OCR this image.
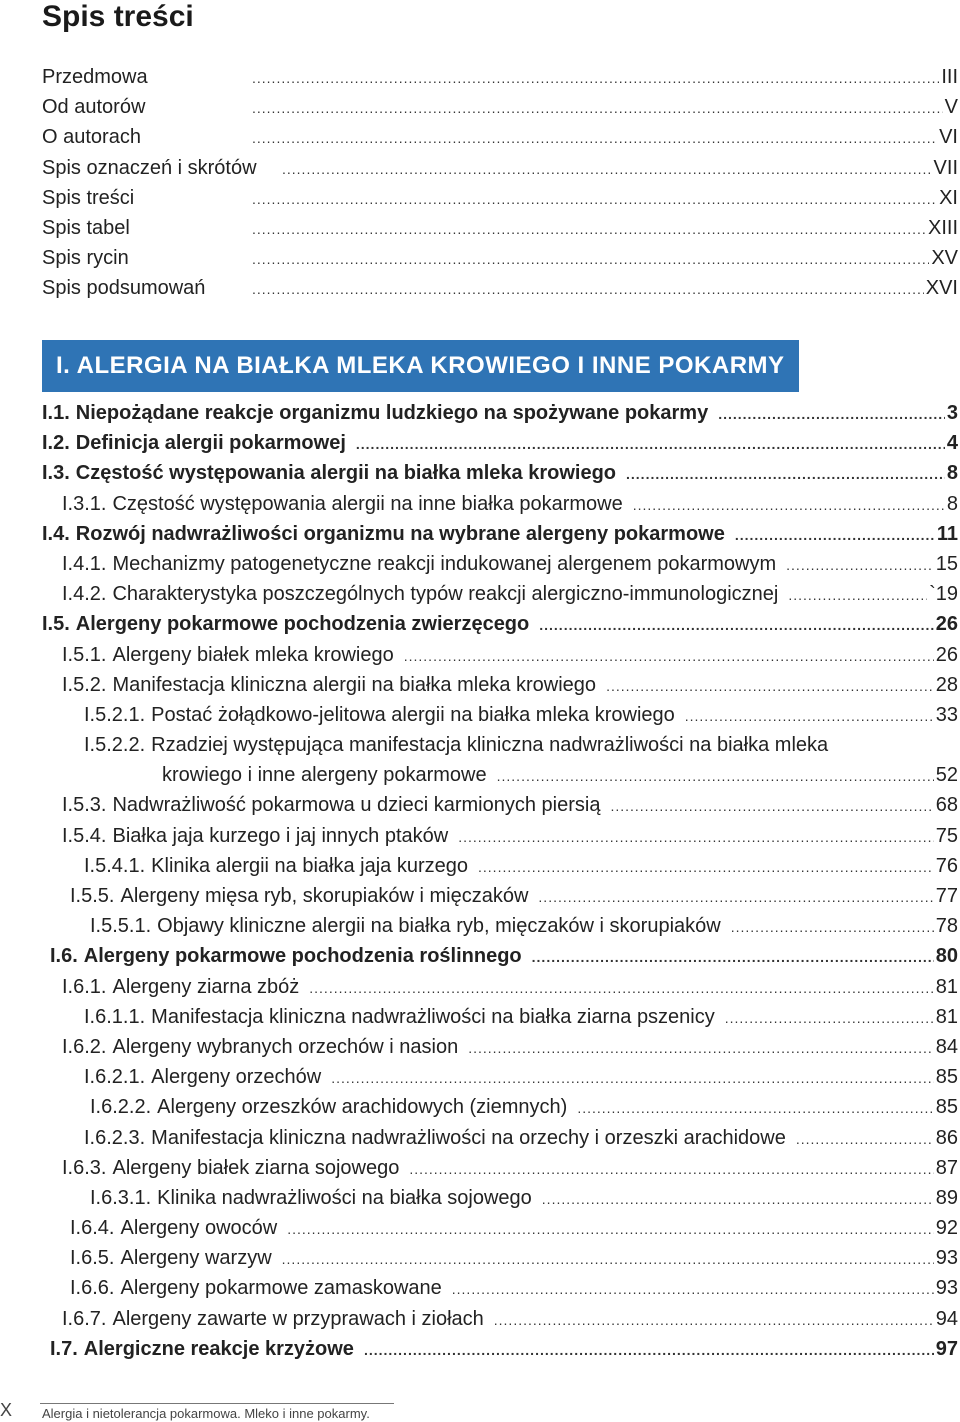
Spis treści
Przedmowa .....	III
Od autorów .....	V
O autorach .....	VI
Spis oznaczeń i skrótów .....	VII
Spis treści .....	XI
Spis tabel .....	XIII
Spis rycin .....	XV
Spis podsumowań .....	XVI
I. ALERGIA NA BIAŁKA MLEKA KROWIEGO I INNE POKARMY
I.1. Niepożądane reakcje organizmu ludzkiego na spożywane pokarmy .....	3
I.2. Definicja alergii pokarmowej .....	4
I.3. Częstość występowania alergii na białka mleka krowiego .....	8
I.3.1. Częstość występowania alergii na inne białka pokarmowe .....	8
I.4. Rozwój nadwrażliwości organizmu na wybrane alergeny pokarmowe .....	11
I.4.1. Mechanizmy patogenetyczne reakcji indukowanej alergenem pokarmowym .....	15
I.4.2. Charakterystyka poszczególnych typów reakcji alergiczno-immunologicznej .....	`19
I.5. Alergeny pokarmowe pochodzenia zwierzęcego .....	26
I.5.1. Alergeny białek mleka krowiego .....	26
I.5.2. Manifestacja kliniczna alergii na białka mleka krowiego .....	28
I.5.2.1. Postać żołądkowo-jelitowa alergii na białka mleka krowiego .....	33
I.5.2.2. Rzadziej występująca manifestacja kliniczna nadwrażliwości na białka mleka
krowiego i inne alergeny pokarmowe .....	52
I.5.3. Nadwrażliwość pokarmowa u dzieci karmionych piersią .....	68
I.5.4. Białka jaja kurzego i jaj innych ptaków .....	75
I.5.4.1. Klinika alergii na białka jaja kurzego .....	76
I.5.5. Alergeny mięsa ryb, skorupiaków i mięczaków .....	77
I.5.5.1. Objawy kliniczne alergii na białka ryb, mięczaków i skorupiaków .....	78
I.6. Alergeny pokarmowe pochodzenia roślinnego .....	80
I.6.1. Alergeny ziarna zbóż .....	81
I.6.1.1. Manifestacja kliniczna nadwrażliwości na białka ziarna pszenicy .....	81
I.6.2. Alergeny wybranych orzechów i nasion .....	84
I.6.2.1. Alergeny orzechów .....	85
I.6.2.2. Alergeny orzeszków arachidowych (ziemnych) .....	85
I.6.2.3. Manifestacja kliniczna nadwrażliwości na orzechy i orzeszki arachidowe .....	86
I.6.3. Alergeny białek ziarna sojowego .....	87
I.6.3.1. Klinika nadwrażliwości na białka sojowego .....	89
I.6.4. Alergeny owoców .....	92
I.6.5. Alergeny warzyw .....	93
I.6.6. Alergeny pokarmowe zamaskowane .....	93
I.6.7. Alergeny zawarte w przyprawach i ziołach .....	94
I.7. Alergiczne reakcje krzyżowe .....	97
X Alergia i nietolerancja pokarmowa. Mleko i inne pokarmy.
